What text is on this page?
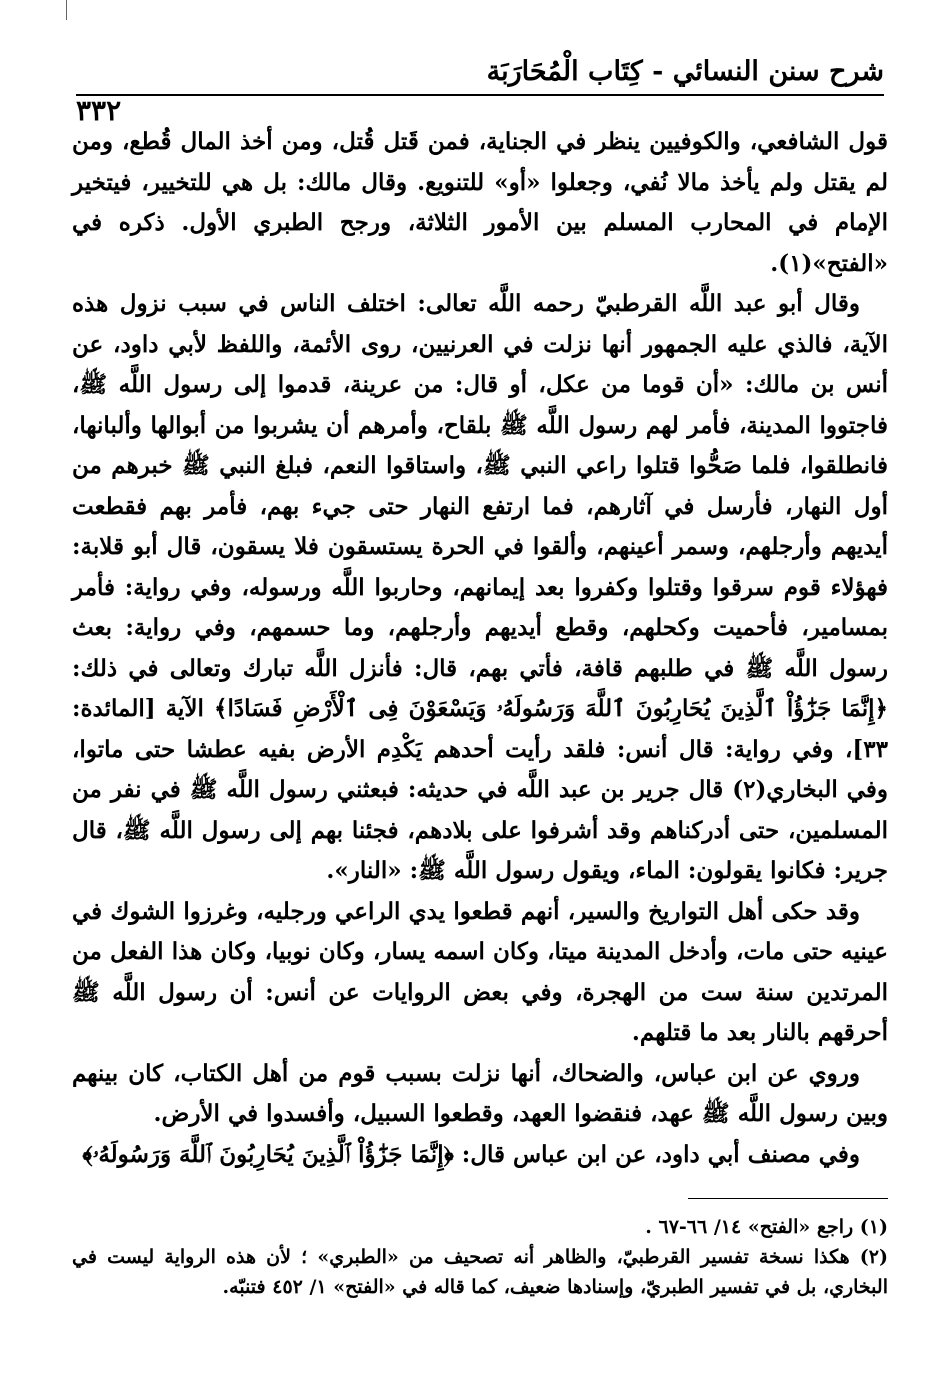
شرح سنن النسائي - كِتَاب الْمُحَارَبَة
٣٣٢

قول الشافعي، والكوفيين ينظر في الجناية، فمن قَتل قُتل، ومن أخذ المال قُطع، ومن لم يقتل ولم يأخذ مالا نُفي، وجعلوا «أو» للتنويع. وقال مالك: بل هي للتخيير، فيتخير الإمام في المحارب المسلم بين الأمور الثلاثة، ورجح الطبري الأول. ذكره في «الفتح»(١).

وقال أبو عبد اللَّه القرطبيّ رحمه اللَّه تعالى: اختلف الناس في سبب نزول هذه الآية، فالذي عليه الجمهور أنها نزلت في العرنيين، روى الأئمة، واللفظ لأبي داود، عن أنس بن مالك: «أن قوما من عكل، أو قال: من عرينة، قدموا إلى رسول اللَّه ﷺ، فاجتووا المدينة، فأمر لهم رسول اللَّه ﷺ بلقاح، وأمرهم أن يشربوا من أبوالها وألبانها، فانطلقوا، فلما صَحُّوا قتلوا راعي النبي ﷺ، واستاقوا النعم، فبلغ النبي ﷺ خبرهم من أول النهار، فأرسل في آثارهم، فما ارتفع النهار حتى جيء بهم، فأمر بهم فقطعت أيديهم وأرجلهم، وسمر أعينهم، وألقوا في الحرة يستسقون فلا يسقون، قال أبو قلابة: فهؤلاء قوم سرقوا وقتلوا وكفروا بعد إيمانهم، وحاربوا اللَّه ورسوله، وفي رواية: فأمر بمسامير، فأحميت وكحلهم، وقطع أيديهم وأرجلهم، وما حسمهم، وفي رواية: بعث رسول اللَّه ﷺ في طلبهم قافة، فأتي بهم، قال: فأنزل اللَّه تبارك وتعالى في ذلك: ﴿إِنَّمَا جَزَٰٓؤُاْ ٱلَّذِينَ يُحَارِبُونَ ٱللَّهَ وَرَسُولَهُۥ وَيَسْعَوْنَ فِى ٱلْأَرْضِ فَسَادًا﴾ الآية [المائدة: ٣٣]، وفي رواية: قال أنس: فلقد رأيت أحدهم يَكْدِم الأرض بفيه عطشا حتى ماتوا، وفي البخاري(٢) قال جرير بن عبد اللَّه في حديثه: فبعثني رسول اللَّه ﷺ في نفر من المسلمين، حتى أدركناهم وقد أشرفوا على بلادهم، فجئنا بهم إلى رسول اللَّه ﷺ، قال جرير: فكانوا يقولون: الماء، ويقول رسول اللَّه ﷺ: «النار».

وقد حكى أهل التواريخ والسير، أنهم قطعوا يدي الراعي ورجليه، وغرزوا الشوك في عينيه حتى مات، وأدخل المدينة ميتا، وكان اسمه يسار، وكان نوبيا، وكان هذا الفعل من المرتدين سنة ست من الهجرة، وفي بعض الروايات عن أنس: أن رسول اللَّه ﷺ أحرقهم بالنار بعد ما قتلهم.

وروي عن ابن عباس، والضحاك، أنها نزلت بسبب قوم من أهل الكتاب، كان بينهم وبين رسول اللَّه ﷺ عهد، فنقضوا العهد، وقطعوا السبيل، وأفسدوا في الأرض.

وفي مصنف أبي داود، عن ابن عباس قال: ﴿إِنَّمَا جَزَٰٓؤُاْ ٱلَّذِينَ يُحَارِبُونَ ٱللَّهَ وَرَسُولَهُۥ﴾

(١) راجع «الفتح» ١٤/ ٦٦-٦٧ .

(٢) هكذا نسخة تفسير القرطبيّ، والظاهر أنه تصحيف من «الطبري» ؛ لأن هذه الرواية ليست في البخاري، بل في تفسير الطبريّ، وإسنادها ضعيف، كما قاله في «الفتح» ١/ ٤٥٢ فتنبّه.
